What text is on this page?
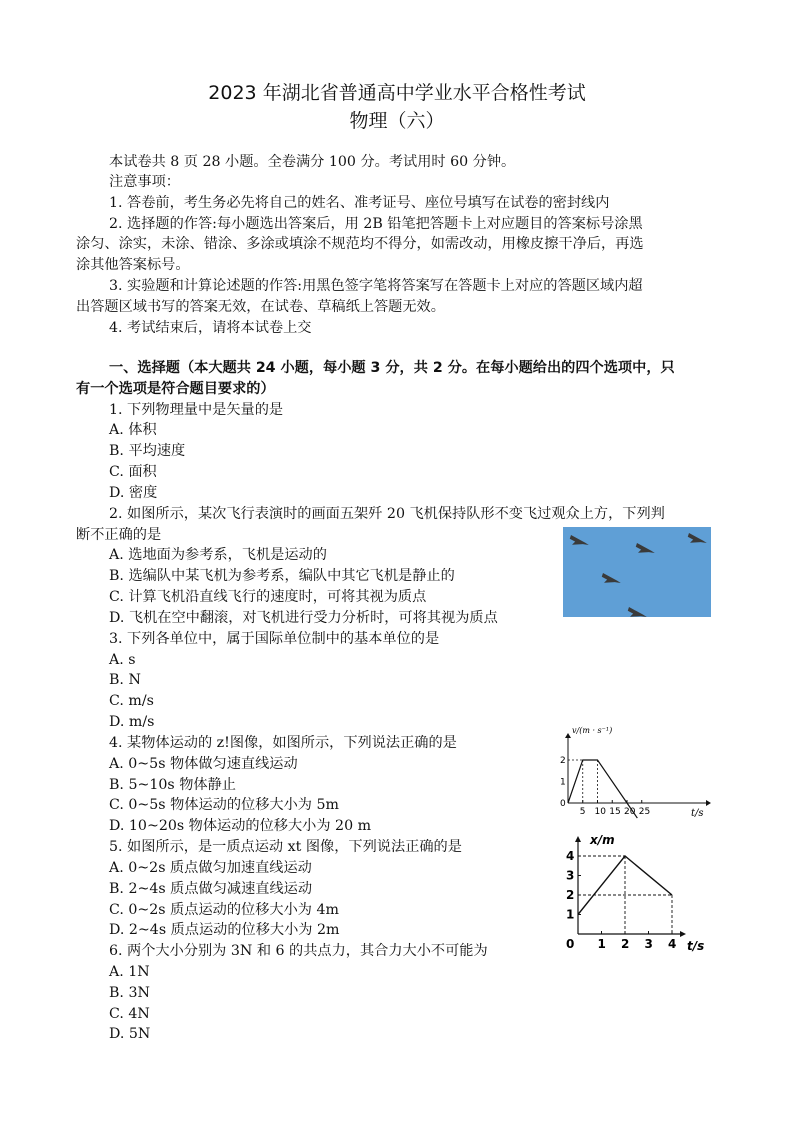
2023 年湖北省普通高中学业水平合格性考试
物理（六）
本试卷共 8 页 28 小题。全卷满分 100 分。考试用时 60 分钟。
注意事项：
1. 答卷前，考生务必先将自己的姓名、准考证号、座位号填写在试卷的密封线内
2. 选择题的作答:每小题选出答案后，用 2B 铅笔把答题卡上对应题目的答案标号涂黑
涂匀、涂实，未涂、错涂、多涂或填涂不规范均不得分，如需改动，用橡皮擦干净后，再选
涂其他答案标号。
3. 实验题和计算论述题的作答:用黑色签字笔将答案写在答题卡上对应的答题区域内超
出答题区域书写的答案无效，在试卷、草稿纸上答题无效。
4. 考试结束后，请将本试卷上交
一、选择题（本大题共 24 小题，每小题 3 分，共 2 分。在每小题给出的四个选项中，只
有一个选项是符合题目要求的）
1. 下列物理量中是矢量的是
A. 体积
B. 平均速度
C. 面积
D. 密度
2. 如图所示，某次飞行表演时的画面五架歼 20 飞机保持队形不变飞过观众上方，下列判
断不正确的是
A. 选地面为参考系，飞机是运动的
B. 选编队中某飞机为参考系，编队中其它飞机是静止的
C. 计算飞机沿直线飞行的速度时，可将其视为质点
D. 飞机在空中翻滚，对飞机进行受力分析时，可将其视为质点
3. 下列各单位中，属于国际单位制中的基本单位的是
A. s
B. N
C. m/s
D. m/s
4. 某物体运动的 z!图像，如图所示，下列说法正确的是
A. 0~5s 物体做匀速直线运动
B. 5~10s 物体静止
C. 0~5s 物体运动的位移大小为 5m
D. 10~20s 物体运动的位移大小为 20 m
5. 如图所示，是一质点运动 xt 图像，下列说法正确的是
A. 0~2s 质点做匀加速直线运动
B. 2~4s 质点做匀减速直线运动
C. 0~2s 质点运动的位移大小为 4m
D. 2~4s 质点运动的位移大小为 2m
6. 两个大小分别为 3N 和 6 的共点力，其合力大小不可能为
A. 1N
B. 3N
C. 4N
D. 5N
v/(m · s⁻¹)
t/s
0
2
1
5 10 15 20 25
x/m
t/s
0
4
3
2
1
1 2 3 4
